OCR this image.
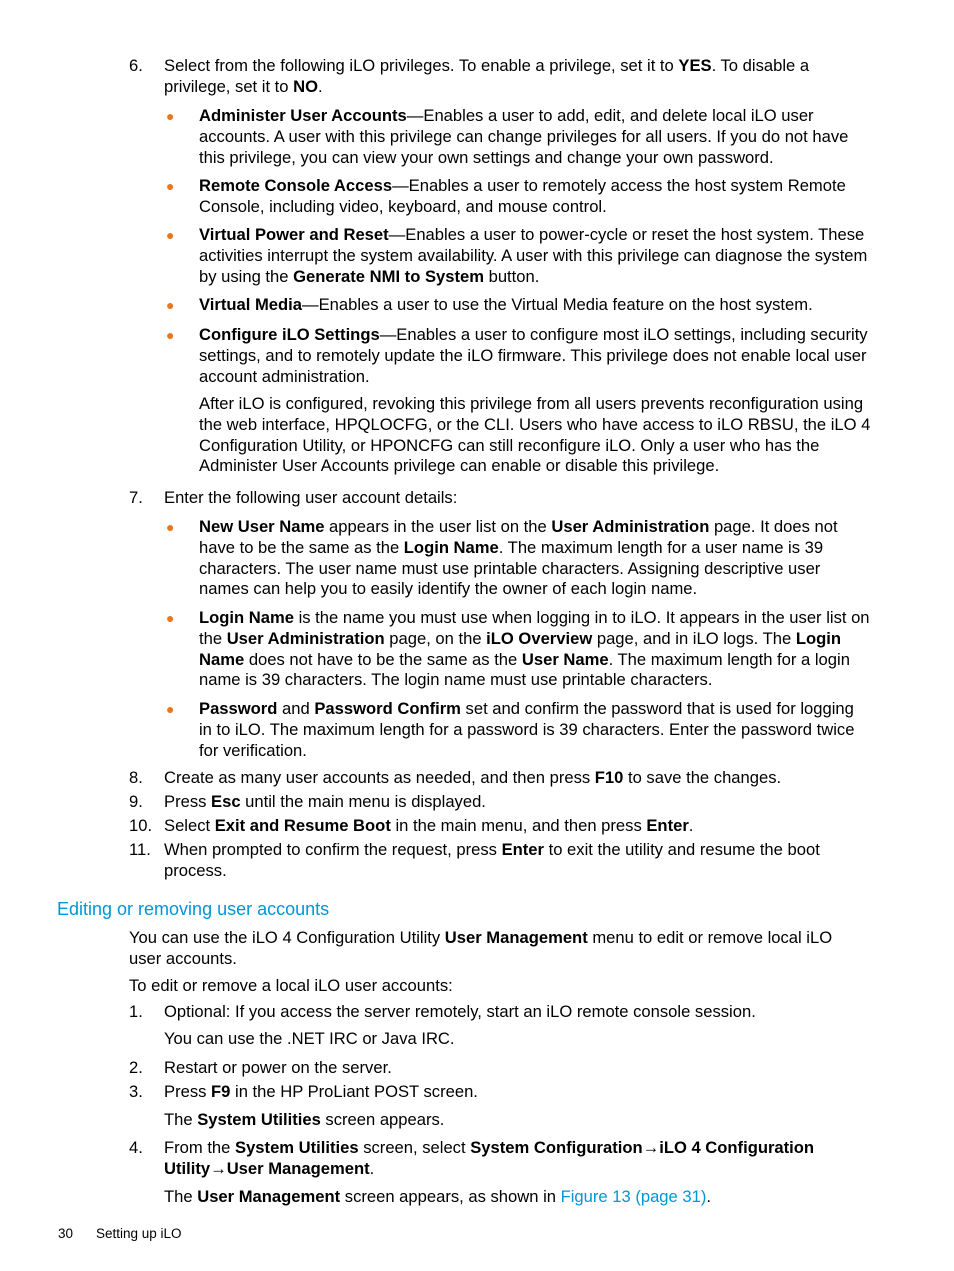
6. Select from the following iLO privileges. To enable a privilege, set it to YES. To disable a privilege, set it to NO.
● Administer User Accounts—Enables a user to add, edit, and delete local iLO user accounts. A user with this privilege can change privileges for all users. If you do not have this privilege, you can view your own settings and change your own password.
● Remote Console Access—Enables a user to remotely access the host system Remote Console, including video, keyboard, and mouse control.
● Virtual Power and Reset—Enables a user to power-cycle or reset the host system. These activities interrupt the system availability. A user with this privilege can diagnose the system by using the Generate NMI to System button.
● Virtual Media—Enables a user to use the Virtual Media feature on the host system.
● Configure iLO Settings—Enables a user to configure most iLO settings, including security settings, and to remotely update the iLO firmware. This privilege does not enable local user account administration.
After iLO is configured, revoking this privilege from all users prevents reconfiguration using the web interface, HPQLOCFG, or the CLI. Users who have access to iLO RBSU, the iLO 4 Configuration Utility, or HPONCFG can still reconfigure iLO. Only a user who has the Administer User Accounts privilege can enable or disable this privilege.
7. Enter the following user account details:
● New User Name appears in the user list on the User Administration page. It does not have to be the same as the Login Name. The maximum length for a user name is 39 characters. The user name must use printable characters. Assigning descriptive user names can help you to easily identify the owner of each login name.
● Login Name is the name you must use when logging in to iLO. It appears in the user list on the User Administration page, on the iLO Overview page, and in iLO logs. The Login Name does not have to be the same as the User Name. The maximum length for a login name is 39 characters. The login name must use printable characters.
● Password and Password Confirm set and confirm the password that is used for logging in to iLO. The maximum length for a password is 39 characters. Enter the password twice for verification.
8. Create as many user accounts as needed, and then press F10 to save the changes.
9. Press Esc until the main menu is displayed.
10. Select Exit and Resume Boot in the main menu, and then press Enter.
11. When prompted to confirm the request, press Enter to exit the utility and resume the boot process.
Editing or removing user accounts
You can use the iLO 4 Configuration Utility User Management menu to edit or remove local iLO user accounts.
To edit or remove a local iLO user accounts:
1. Optional: If you access the server remotely, start an iLO remote console session.
You can use the .NET IRC or Java IRC.
2. Restart or power on the server.
3. Press F9 in the HP ProLiant POST screen.
The System Utilities screen appears.
4. From the System Utilities screen, select System Configuration→iLO 4 Configuration Utility→User Management.
The User Management screen appears, as shown in Figure 13 (page 31).
30 Setting up iLO
